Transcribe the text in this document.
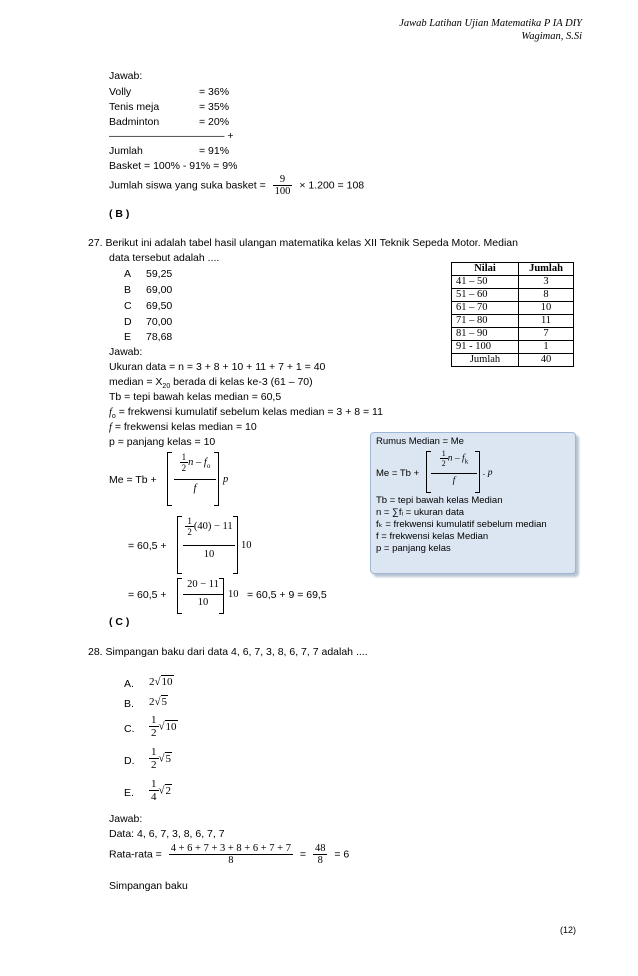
Jawab Latihan Ujian Matematika P IA DIY
Wagiman, S.Si
Jawab:
Volly	= 36%
Tenis meja	= 35%
Badminton	= 20%
——————————— +
Jumlah	= 91%
Basket = 100% - 91% = 9%
Jumlah siswa yang suka basket = $\frac{9}{100} \times 1.200 = 108$
( B )
27. Berikut ini adalah tabel hasil ulangan matematika kelas XII Teknik Sepeda Motor. Median
data tersebut adalah ....
A 59,25
B 69,00
C 69,50
D 70,00
E 78,68
Nilai	Jumlah
41 – 50	3
51 – 60	8
61 – 70	10
71 – 80	11
81 – 90	7
91 - 100	1
Jumlah	40
Jawab:
Ukuran data = n = 3 + 8 + 10 + 11 + 7 + 1 = 40
median = $X_{20}$ berada di kelas ke-3 (61 – 70)
Tb = tepi bawah kelas median = 60,5
$f_o$ = frekwensi kumulatif sebelum kelas median = 3 + 8 = 11
f = frekwensi kelas median = 10
p = panjang kelas = 10
Me = Tb +
$\frac{1}{2}$ n – $f_o$
f
p
= 60,5 +
$\frac{1}{2} (40) - 11$
10
10
= 60,5 +
20 − 11
10
10 = 60,5 + 9 = 69,5
( C )
Rumus Median = Me
Me = Tb +
$\frac{1}{2}$ n – $f_k$
f
. p
Tb = tepi bawah kelas Median
n = ∑fᵢ = ukuran data
fₖ = frekwensi kumulatif sebelum median
f = frekwensi kelas Median
p = panjang kelas
28. Simpangan baku dari data 4, 6, 7, 3, 8, 6, 7, 7 adalah ....
A. 2√10
B. 2√5
C. $\frac{1}{2} √10$
D. $\frac{1}{2} √5$
E. $\frac{1}{4} √2$
Jawab:
Data: 4, 6, 7, 3, 8, 6, 7, 7
Rata-rata = $\frac{4 + 6 + 7 + 3 + 8 + 6 + 7 + 7}{8} = \frac{48}{8} = 6$
Simpangan baku
(12)
